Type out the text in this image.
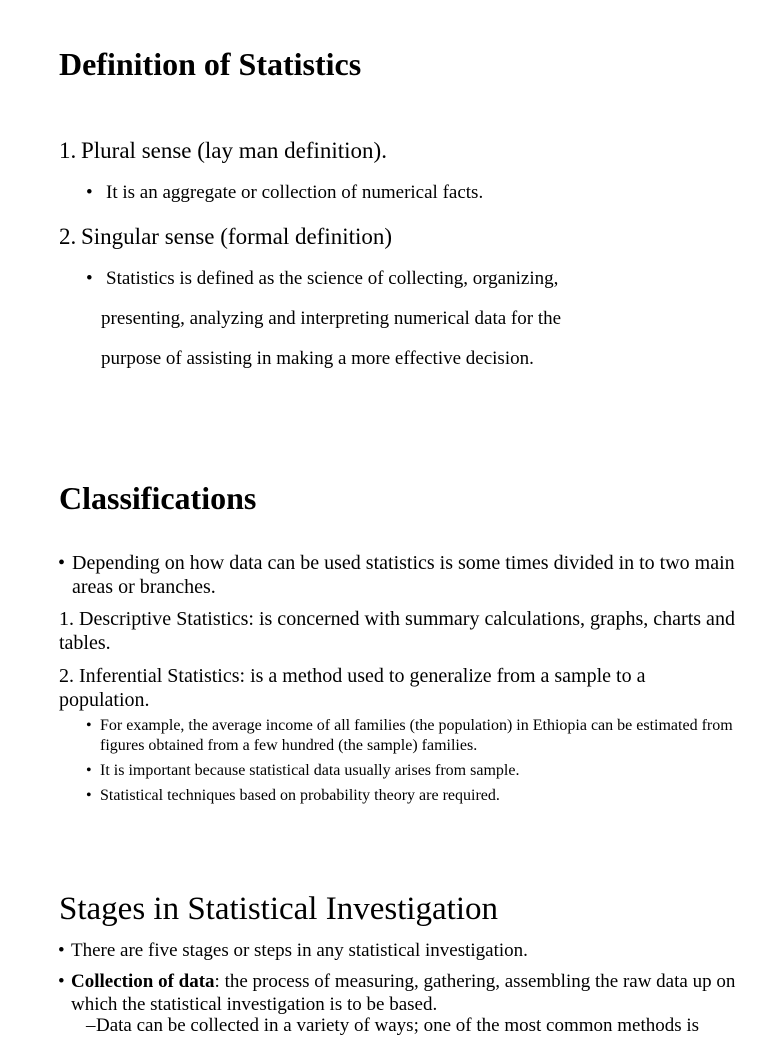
Definition of Statistics
1. Plural sense (lay man definition).
• It is an aggregate or collection of numerical facts.
2. Singular sense (formal definition)
• Statistics is defined as the science of collecting, organizing,
presenting, analyzing and interpreting numerical data for the
purpose of assisting in making a more effective decision.
Classifications
• Depending on how data can be used statistics is some times divided in to two main areas or branches.
1. Descriptive Statistics: is concerned with summary calculations, graphs, charts and tables.
2. Inferential Statistics: is a method used to generalize from a sample to a population.
• For example, the average income of all families (the population) in Ethiopia can be estimated from figures obtained from a few hundred (the sample) families.
• It is important because statistical data usually arises from sample.
• Statistical techniques based on probability theory are required.
Stages in Statistical Investigation
• There are five stages or steps in any statistical investigation.
• Collection of data: the process of measuring, gathering, assembling the raw data up on which the statistical investigation is to be based.
–Data can be collected in a variety of ways; one of the most common methods is
